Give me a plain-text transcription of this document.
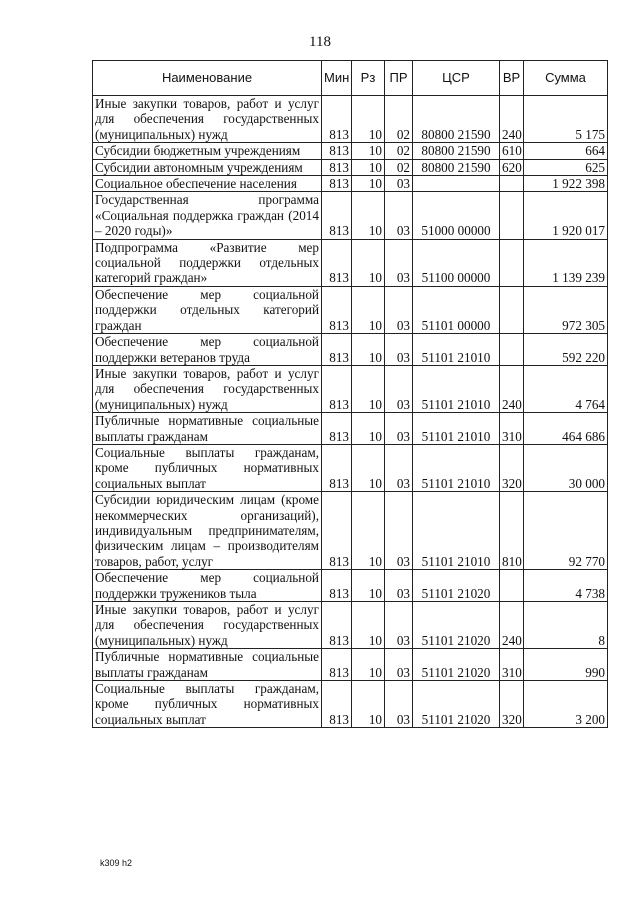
118
Наименование	Мин	Рз	ПР	ЦСР	ВР	Сумма
Иные закупки товаров, работ и услуг для обеспечения государственных (муниципальных) нужд	813	10	02	80800 21590	240	5 175
Субсидии бюджетным учреждениям	813	10	02	80800 21590	610	664
Субсидии автономным учреждениям	813	10	02	80800 21590	620	625
Социальное обеспечение населения	813	10	03			1 922 398
Государственная программа «Социальная поддержка граждан (2014 – 2020 годы)»	813	10	03	51000 00000		1 920 017
Подпрограмма «Развитие мер социальной поддержки отдельных категорий граждан»	813	10	03	51100 00000		1 139 239
Обеспечение мер социальной поддержки отдельных категорий граждан	813	10	03	51101 00000		972 305
Обеспечение мер социальной поддержки ветеранов труда	813	10	03	51101 21010		592 220
Иные закупки товаров, работ и услуг для обеспечения государственных (муниципальных) нужд	813	10	03	51101 21010	240	4 764
Публичные нормативные социальные выплаты гражданам	813	10	03	51101 21010	310	464 686
Социальные выплаты гражданам, кроме публичных нормативных социальных выплат	813	10	03	51101 21010	320	30 000
Субсидии юридическим лицам (кроме некоммерческих организаций), индивидуальным предпринимателям, физическим лицам – производителям товаров, работ, услуг	813	10	03	51101 21010	810	92 770
Обеспечение мер социальной поддержки тружеников тыла	813	10	03	51101 21020		4 738
Иные закупки товаров, работ и услуг для обеспечения государственных (муниципальных) нужд	813	10	03	51101 21020	240	8
Публичные нормативные социальные выплаты гражданам	813	10	03	51101 21020	310	990
Социальные выплаты гражданам, кроме публичных нормативных социальных выплат	813	10	03	51101 21020	320	3 200
k309 h2
